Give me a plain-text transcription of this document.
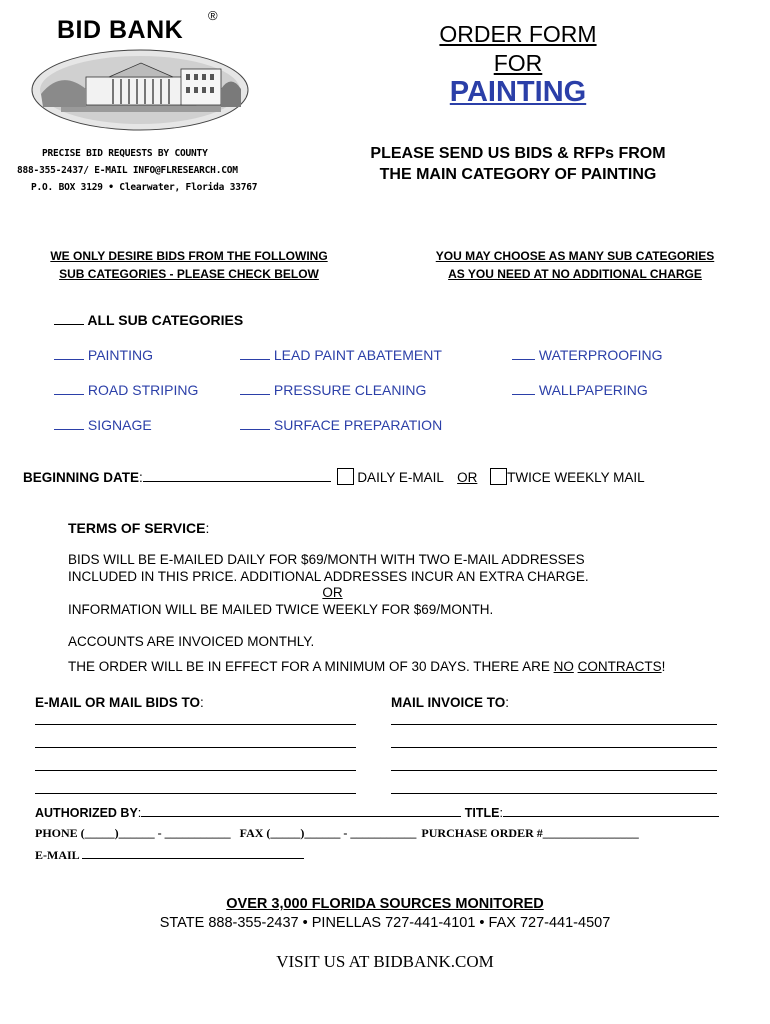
BID BANK
®
PRECISE BID REQUESTS BY COUNTY
888-355-2437/ E-MAIL INFO@FLRESEARCH.COM
P.O. BOX 3129 • Clearwater, Florida 33767
ORDER FORM
FOR
PAINTING
PLEASE SEND US BIDS & RFPs FROM
THE MAIN CATEGORY OF PAINTING
WE ONLY DESIRE BIDS FROM THE FOLLOWING
SUB CATEGORIES - PLEASE CHECK BELOW
YOU MAY CHOOSE AS MANY SUB CATEGORIES
AS YOU NEED AT NO ADDITIONAL CHARGE
ALL SUB CATEGORIES
PAINTING	LEAD PAINT ABATEMENT	WATERPROOFING
ROAD STRIPING	PRESSURE CLEANING	WALLPAPERING
SIGNAGE	SURFACE PREPARATION
BEGINNING DATE:	DAILY E-MAIL OR TWICE WEEKLY MAIL
TERMS OF SERVICE:
BIDS WILL BE E-MAILED DAILY FOR $69/MONTH WITH TWO E-MAIL ADDRESSES
INCLUDED IN THIS PRICE. ADDITIONAL ADDRESSES INCUR AN EXTRA CHARGE.
OR
INFORMATION WILL BE MAILED TWICE WEEKLY FOR $69/MONTH.
ACCOUNTS ARE INVOICED MONTHLY.
THE ORDER WILL BE IN EFFECT FOR A MINIMUM OF 30 DAYS. THERE ARE NO CONTRACTS!
E-MAIL OR MAIL BIDS TO:	MAIL INVOICE TO:
AUTHORIZED BY:	TITLE:
PHONE (_____)______ - ___________ FAX (_____)______ - ___________ PURCHASE ORDER #________________
E-MAIL
OVER 3,000 FLORIDA SOURCES MONITORED
STATE 888-355-2437 • PINELLAS 727-441-4101 • FAX 727-441-4507
VISIT US AT BIDBANK.COM
